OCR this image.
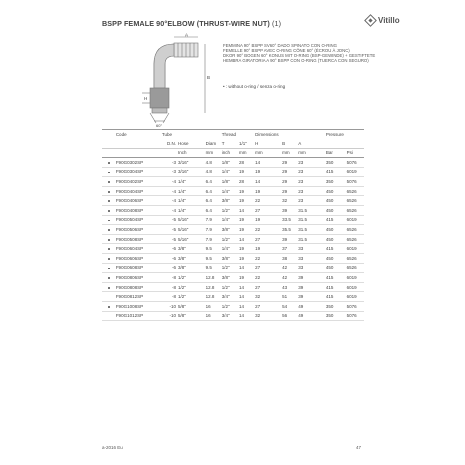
BSPP FEMALE 90°ELBOW (THRUST-WIRE NUT) (1)	Vitillo
A
B
H
60°
FEMMINA 90° BSPP SV60° DADO SPINATO CON O-RING
FEMELLE 90° BSPP AVEC O-RING CÔNE 60° (ÉCROU À JONC)
DKOR 90° BOGEN 60° KONUS MIT O-RING (BSP-GEWINDE) + GESTIFTETE
HEMBRA GIRATORIA A 90° BSPP CON O-RING (TUERCA CON SEGURO)
• : without o-ring / senza o-ring
	Code	Tube			Thread		Dimensions			Pressure	
		D.N.	Hose	Diam	T	1/1"	H	B	A		
			Inch	mm	inch	mm	mm	mm	mm	Bar	Psi
	F90G0302SP	-3	3/16"	4.8	1/8"	28	14	29	23	350	5076
	F90G0304SP	-3	3/16"	4.8	1/4"	19	19	29	23	415	6019
	F90G0402SP	-4	1/4"	6.4	1/8"	28	14	29	23	350	5076
	F90G0404SP	-4	1/4"	6.4	1/4"	19	19	29	23	450	6526
	F90G0406SP	-4	1/4"	6.4	3/8"	19	22	32	23	450	6526
	F90G0408SP	-4	1/4"	6.4	1/2"	14	27	39	31.5	450	6526
	F90G0504SP	-5	5/16"	7.9	1/4"	19	19	33.5	31.5	415	6019
	F90G0506SP	-5	5/16"	7.9	3/8"	19	22	35.5	31.5	450	6526
	F90G0508SP	-5	5/16"	7.9	1/2"	14	27	39	31.5	450	6526
	F90G0604SP	-6	3/8"	9.5	1/4"	19	19	37	33	415	6019
	F90G0606SP	-6	3/8"	9.5	3/8"	19	22	38	33	450	6526
	F90G0608SP	-6	3/8"	9.5	1/2"	14	27	42	33	450	6526
	F90G0806SP	-8	1/2"	12.8	3/8"	19	22	42	39	415	6019
	F90G0808SP	-8	1/2"	12.8	1/2"	14	27	43	39	415	6019
	F90G0812SP	-8	1/2"	12.8	3/4"	14	32	51	39	415	6019
	F90G1008SP	-10	5/8"	16	1/2"	14	27	54	49	350	5076
	F90G1012SP	-10	5/8"	16	3/4"	14	32	56	49	350	5076
a-2016 Eu	47
